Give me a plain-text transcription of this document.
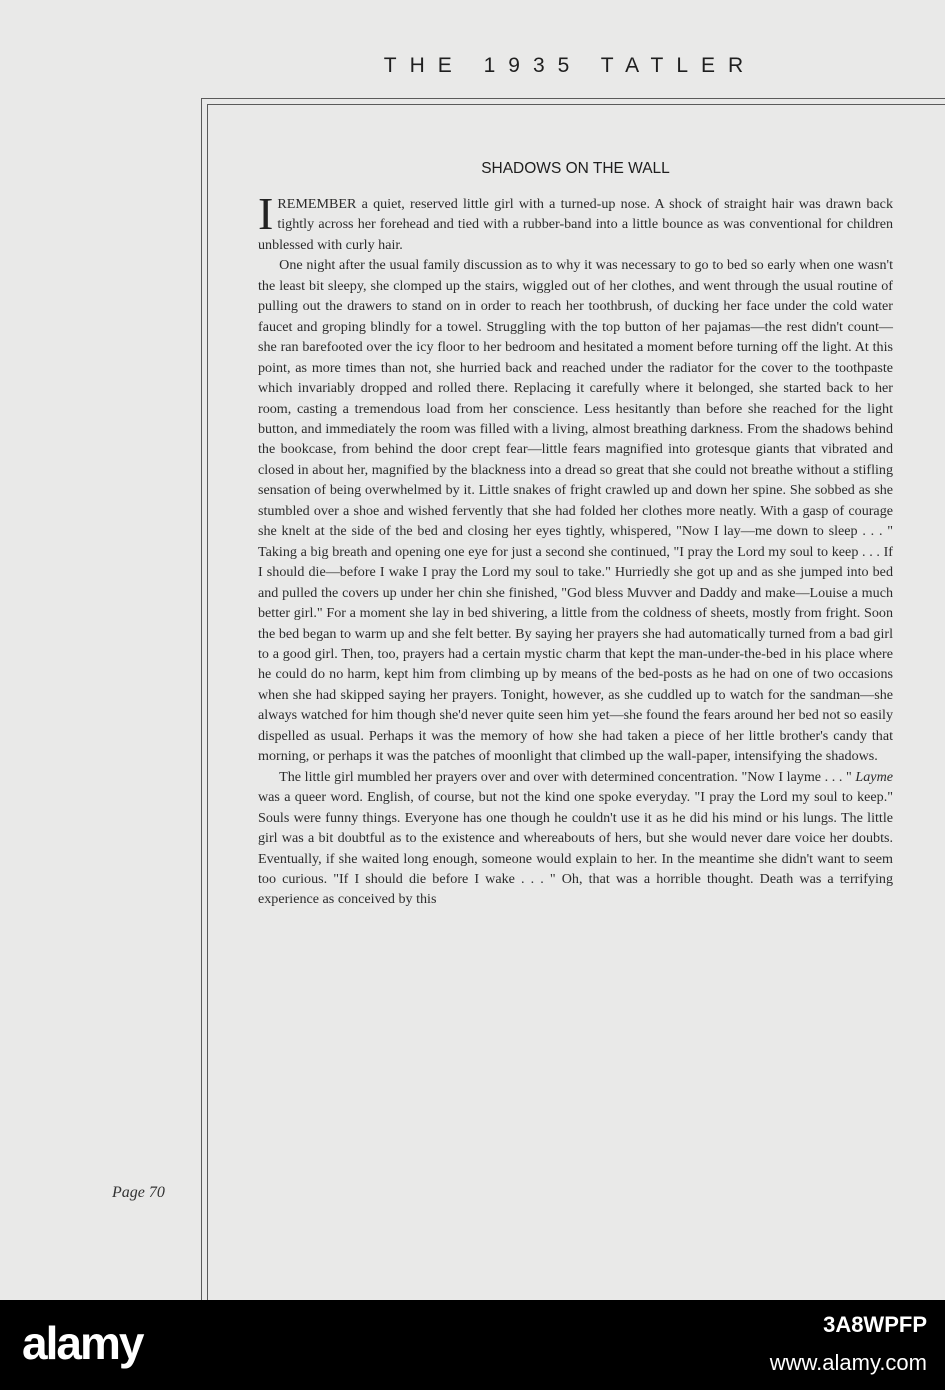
THE 1935 TATLER
SHADOWS ON THE WALL

IREMEMBER a quiet, reserved little girl with a turned-up nose. A shock of straight hair was drawn back tightly across her forehead and tied with a rubber-band into a little bounce as was conventional for children unblessed with curly hair.

One night after the usual family discussion as to why it was necessary to go to bed so early when one wasn't the least bit sleepy, she clomped up the stairs, wiggled out of her clothes, and went through the usual routine of pulling out the drawers to stand on in order to reach her toothbrush, of ducking her face under the cold water faucet and groping blindly for a towel. Struggling with the top button of her pajamas—the rest didn't count—she ran barefooted over the icy floor to her bedroom and hesitated a moment before turning off the light. At this point, as more times than not, she hurried back and reached under the radiator for the cover to the toothpaste which invariably dropped and rolled there. Replacing it carefully where it belonged, she started back to her room, casting a tremendous load from her conscience. Less hesitantly than before she reached for the light button, and immediately the room was filled with a living, almost breathing darkness. From the shadows behind the bookcase, from behind the door crept fear—little fears magnified into grotesque giants that vibrated and closed in about her, magnified by the blackness into a dread so great that she could not breathe without a stifling sensation of being overwhelmed by it. Little snakes of fright crawled up and down her spine. She sobbed as she stumbled over a shoe and wished fervently that she had folded her clothes more neatly. With a gasp of courage she knelt at the side of the bed and closing her eyes tightly, whispered, "Now I lay—me down to sleep . . . " Taking a big breath and opening one eye for just a second she continued, "I pray the Lord my soul to keep . . . If I should die—before I wake I pray the Lord my soul to take." Hurriedly she got up and as she jumped into bed and pulled the covers up under her chin she finished, "God bless Muvver and Daddy and make—Louise a much better girl." For a moment she lay in bed shivering, a little from the coldness of sheets, mostly from fright. Soon the bed began to warm up and she felt better. By saying her prayers she had automatically turned from a bad girl to a good girl. Then, too, prayers had a certain mystic charm that kept the man-under-the-bed in his place where he could do no harm, kept him from climbing up by means of the bed-posts as he had on one of two occasions when she had skipped saying her prayers. Tonight, however, as she cuddled up to watch for the sandman—she always watched for him though she'd never quite seen him yet—she found the fears around her bed not so easily dispelled as usual. Perhaps it was the memory of how she had taken a piece of her little brother's candy that morning, or perhaps it was the patches of moonlight that climbed up the wall-paper, intensifying the shadows.

The little girl mumbled her prayers over and over with determined concentration. "Now I layme . . . " Layme was a queer word. English, of course, but not the kind one spoke everyday. "I pray the Lord my soul to keep." Souls were funny things. Everyone has one though he couldn't use it as he did his mind or his lungs. The little girl was a bit doubtful as to the existence and whereabouts of hers, but she would never dare voice her doubts. Eventually, if she waited long enough, someone would explain to her. In the meantime she didn't want to seem too curious. "If I should die before I wake . . . " Oh, that was a horrible thought. Death was a terrifying experience as conceived by this

Page 70
alamy	3A8WPFP
www.alamy.com
